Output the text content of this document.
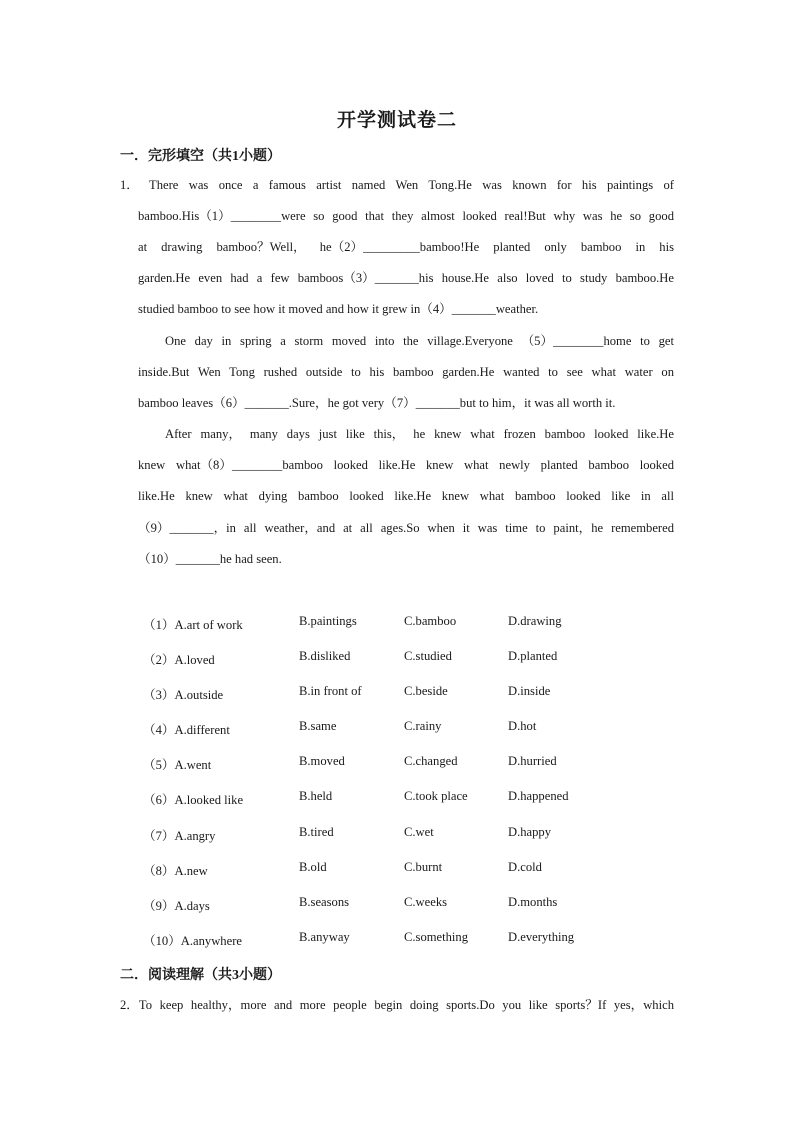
开学测试卷二
一．完形填空（共1小题）
1． There was once a famous artist named Wen Tong.He was known for his paintings of
bamboo.His（1）________were so good that they almost looked real!But why was he so good
at drawing bamboo？Well， he（2）_________bamboo!He planted only bamboo in his
garden.He even had a few bamboos（3）_______his house.He also loved to study bamboo.He
studied bamboo to see how it moved and how it grew in（4）_______weather.
One day in spring a storm moved into the village.Everyone （5）________home to get
inside.But Wen Tong rushed outside to his bamboo garden.He wanted to see what water on
bamboo leaves（6）_______.Sure，he got very（7）_______but to him，it was all worth it.
After many， many days just like this， he knew what frozen bamboo looked like.He
knew what（8）________bamboo looked like.He knew what newly planted bamboo looked
like.He knew what dying bamboo looked like.He knew what bamboo looked like in all
（9）_______，in all weather，and at all ages.So when it was time to paint，he remembered
（10）_______he had seen.
（1）A.art of work	B.paintings	C.bamboo	D.drawing
（2）A.loved	B.disliked	C.studied	D.planted
（3）A.outside	B.in front of	C.beside	D.inside
（4）A.different	B.same	C.rainy	D.hot
（5）A.went	B.moved	C.changed	D.hurried
（6）A.looked like	B.held	C.took place	D.happened
（7）A.angry	B.tired	C.wet	D.happy
（8）A.new	B.old	C.burnt	D.cold
（9）A.days	B.seasons	C.weeks	D.months
（10）A.anywhere	B.anyway	C.something	D.everything
二．阅读理解（共3小题）
2．To keep healthy，more and more people begin doing sports.Do you like sports？If yes，which
